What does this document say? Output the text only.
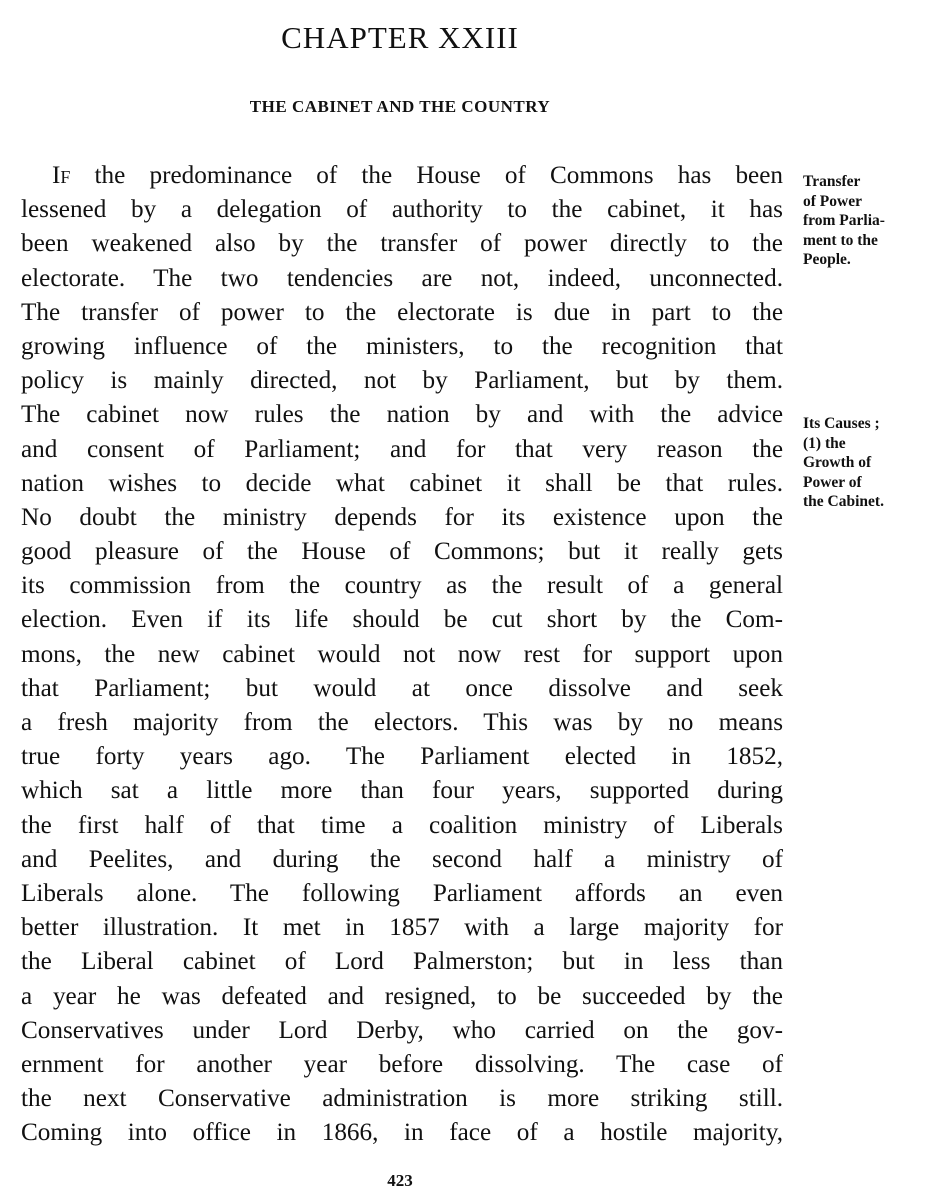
CHAPTER XXIII
THE CABINET AND THE COUNTRY
If the predominance of the House of Commons has been
lessened by a delegation of authority to the cabinet, it has
been weakened also by the transfer of power directly to the
electorate. The two tendencies are not, indeed, unconnected.
The transfer of power to the electorate is due in part to the
growing influence of the ministers, to the recognition that
policy is mainly directed, not by Parliament, but by them.
The cabinet now rules the nation by and with the advice
and consent of Parliament; and for that very reason the
nation wishes to decide what cabinet it shall be that rules.
No doubt the ministry depends for its existence upon the
good pleasure of the House of Commons; but it really gets
its commission from the country as the result of a general
election. Even if its life should be cut short by the Com-
mons, the new cabinet would not now rest for support upon
that Parliament; but would at once dissolve and seek
a fresh majority from the electors. This was by no means
true forty years ago. The Parliament elected in 1852,
which sat a little more than four years, supported during
the first half of that time a coalition ministry of Liberals
and Peelites, and during the second half a ministry of
Liberals alone. The following Parliament affords an even
better illustration. It met in 1857 with a large majority for
the Liberal cabinet of Lord Palmerston; but in less than
a year he was defeated and resigned, to be succeeded by the
Conservatives under Lord Derby, who carried on the gov-
ernment for another year before dissolving. The case of
the next Conservative administration is more striking still.
Coming into office in 1866, in face of a hostile majority,
Transfer
of Power
from Parlia-
ment to the
People.
Its Causes ;
(1) the
Growth of
Power of
the Cabinet.
423
